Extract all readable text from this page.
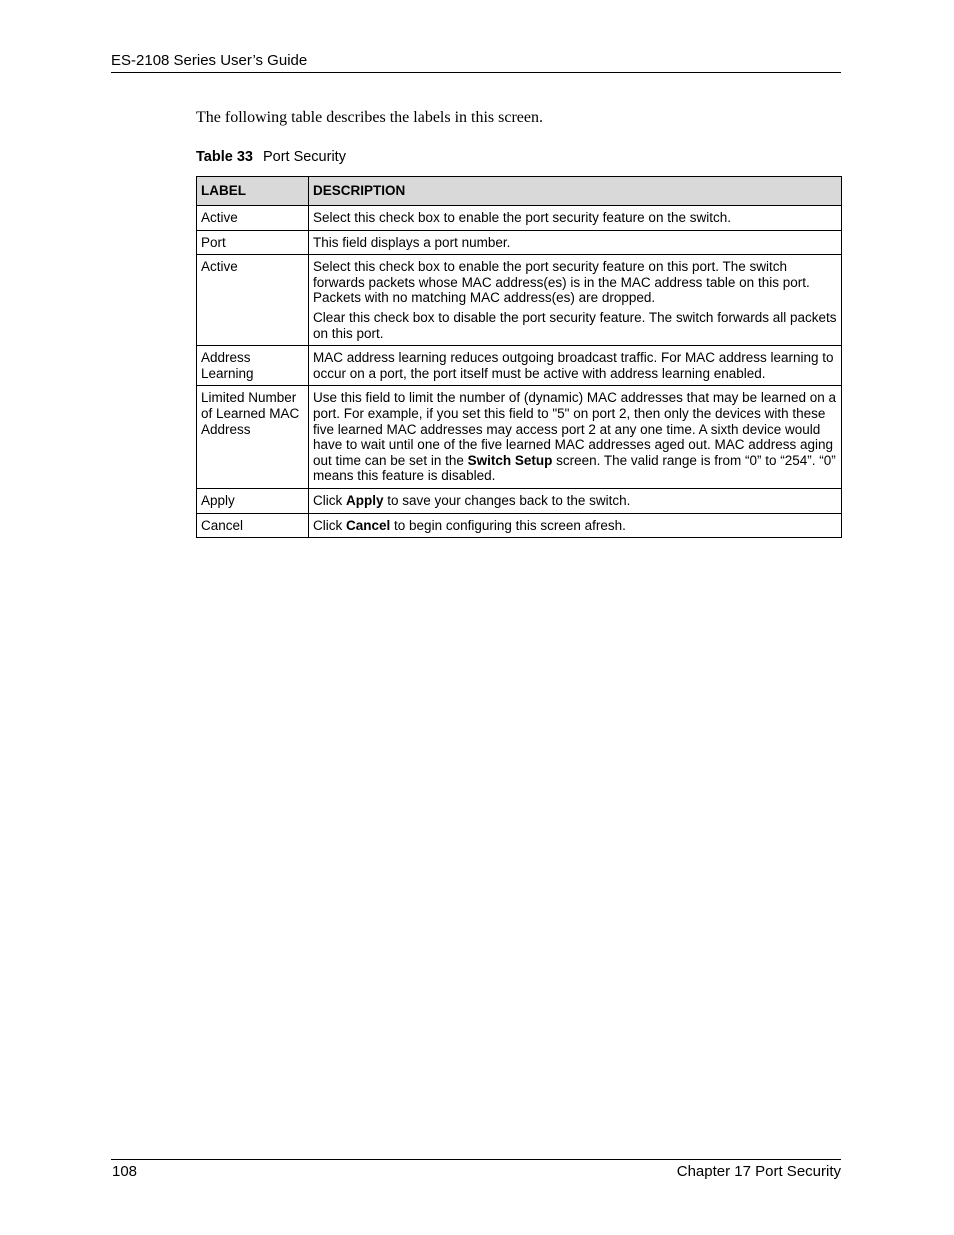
ES-2108 Series User’s Guide
The following table describes the labels in this screen.
Table 33 Port Security
LABEL	DESCRIPTION
Active	Select this check box to enable the port security feature on the switch.

Port	This field displays a port number.

Active	Select this check box to enable the port security feature on this port. The switch forwards packets whose MAC address(es) is in the MAC address table on this port. Packets with no matching MAC address(es) are dropped.

Clear this check box to disable the port security feature. The switch forwards all packets on this port.

Address Learning	MAC address learning reduces outgoing broadcast traffic. For MAC address learning to occur on a port, the port itself must be active with address learning enabled.

Limited Number of Learned MAC Address	Use this field to limit the number of (dynamic) MAC addresses that may be learned on a port. For example, if you set this field to "5" on port 2, then only the devices with these five learned MAC addresses may access port 2 at any one time. A sixth device would have to wait until one of the five learned MAC addresses aged out. MAC address aging out time can be set in the Switch Setup screen. The valid range is from “0” to “254”. “0” means this feature is disabled.

Apply	Click Apply to save your changes back to the switch.

Cancel	Click Cancel to begin configuring this screen afresh.

108	Chapter 17 Port Security
